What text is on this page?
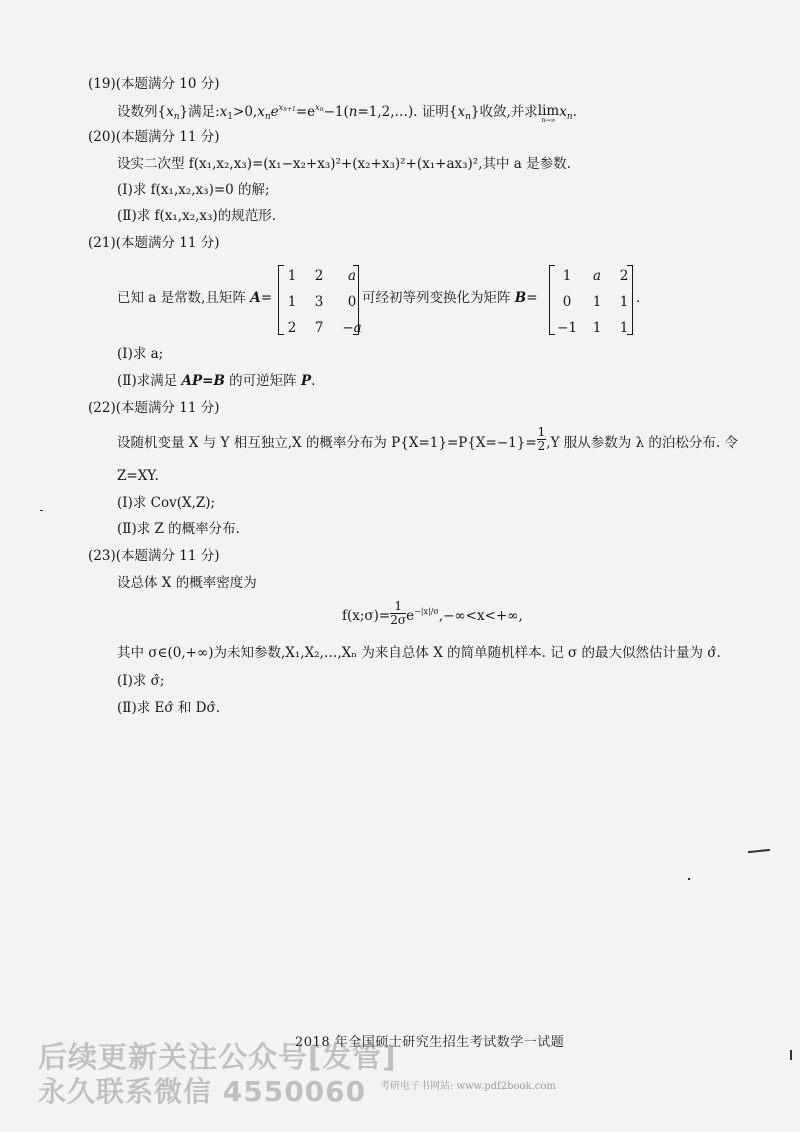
(19)(本题满分 10 分)
设数列$\{x_n\}$满足$:x_1>0,x_ne^{x_{n+1}}=e^{x_n}-1(n=1,2,\dots)$. 证明$\{x_n\}$收敛,并求lim
n→∞
$x_n$.
(20)(本题满分 11 分)
设实二次型 f(x₁,x₂,x₃)=(x₁−x₂+x₃)²+(x₂+x₃)²+(x₁+ax₃)²,其中 a 是参数.
(Ⅰ)求 f(x₁,x₂,x₃)=0 的解;
(Ⅱ)求 f(x₁,x₂,x₃)的规范形.
(21)(本题满分 11 分)
已知 a 是常数,且矩阵 A=
1	2	a
1	3	0
2	7	−a
可经初等列变换化为矩阵 B=
1	a	2
0	1	1
−1	1	1
.
(Ⅰ)求 a;
(Ⅱ)求满足 AP=B 的可逆矩阵 P.
(22)(本题满分 11 分)
设随机变量 X 与 Y 相互独立,X 的概率分布为 $P\{X=1\}=P\{X=-1\}= \frac{1}{2} ,Y$ 服从参数为 λ 的泊松分布. 令
Z=XY.
(Ⅰ)求 Cov(X,Z);
(Ⅱ)求 Z 的概率分布.
(23)(本题满分 11 分)
设总体 X 的概率密度为
f(x;σ)= $\frac{1}{2\sigma} e^{-|x|/\sigma},-\infty<x<+\infty$,
其中 σ∈(0,+∞)为未知参数,X₁,X₂,…,Xₙ 为来自总体 X 的简单随机样本. 记 σ 的最大似然估计量为 σ̂.
(Ⅰ)求 σ̂;
(Ⅱ)求 Eσ̂ 和 Dσ̂.
2018 年全国硕士研究生招生考试数学一试题
考研电子书网站: www.pdf2book.com
后续更新关注公众号[发管]
永久联系微信 4550060
